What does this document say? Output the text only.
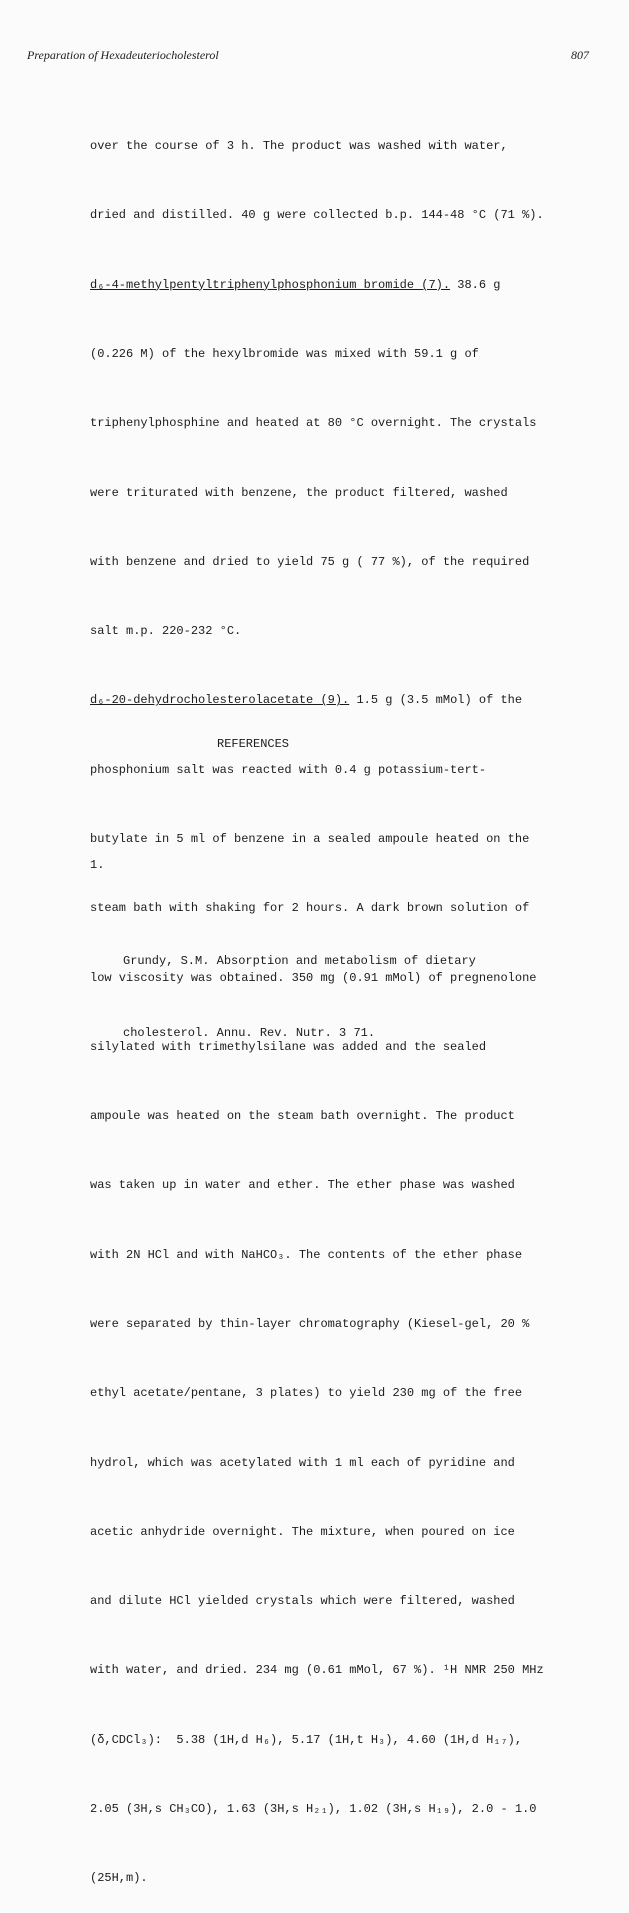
Preparation of Hexadeuteriocholesterol	807

over the course of 3 h. The product was washed with water,

dried and distilled. 40 g were collected b.p. 144-48 °C (71 %).

d₆-4-methylpentyltriphenylphosphonium bromide (7). 38.6 g

(0.226 M) of the hexylbromide was mixed with 59.1 g of

triphenylphosphine and heated at 80 °C overnight. The crystals

were triturated with benzene, the product filtered, washed

with benzene and dried to yield 75 g ( 77 %), of the required

salt m.p. 220-232 °C.

d₆-20-dehydrocholesterolacetate (9). 1.5 g (3.5 mMol) of the

phosphonium salt was reacted with 0.4 g potassium-tert-

butylate in 5 ml of benzene in a sealed ampoule heated on the

steam bath with shaking for 2 hours. A dark brown solution of

low viscosity was obtained. 350 mg (0.91 mMol) of pregnenolone

silylated with trimethylsilane was added and the sealed

ampoule was heated on the steam bath overnight. The product

was taken up in water and ether. The ether phase was washed

with 2N HCl and with NaHCO₃. The contents of the ether phase

were separated by thin-layer chromatography (Kiesel-gel, 20 %

ethyl acetate/pentane, 3 plates) to yield 230 mg of the free

hydrol, which was acetylated with 1 ml each of pyridine and

acetic anhydride overnight. The mixture, when poured on ice

and dilute HCl yielded crystals which were filtered, washed

with water, and dried. 234 mg (0.61 mMol, 67 %). ¹H NMR 250 MHz

(δ,CDCl₃):  5.38 (1H,d H₆), 5.17 (1H,t H₃), 4.60 (1H,d H₁₇),

2.05 (3H,s CH₃CO), 1.63 (3H,s H₂₁), 1.02 (3H,s H₁₉), 2.0 - 1.0

(25H,m).

REFERENCES

1.

Grundy, S.M. Absorption and metabolism of dietary

cholesterol. Annu. Rev. Nutr. 3 71.
